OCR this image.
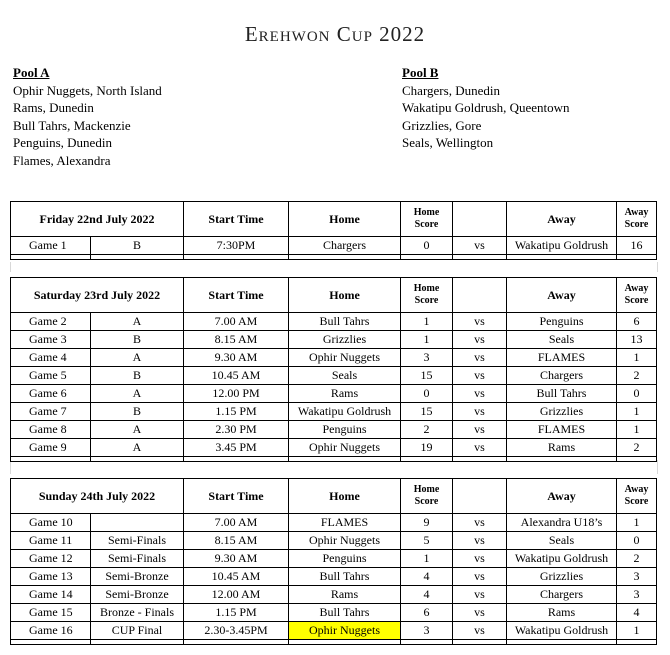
Erehwon Cup 2022
Pool A
Ophir Nuggets, North Island
Rams, Dunedin
Bull Tahrs, Mackenzie
Penguins, Dunedin
Flames, Alexandra
Pool B
Chargers, Dunedin
Wakatipu Goldrush, Queentown
Grizzlies, Gore
Seals, Wellington
Friday 22nd July 2022		Start Time	Home	Home Score		Away	Away Score
Game 1	B	7:30PM	Chargers	0	vs	Wakatipu Goldrush	16

Saturday 23rd July 2022		Start Time	Home	Home Score		Away	Away Score
Game 2	A	7.00 AM	Bull Tahrs	1	vs	Penguins	6
Game 3	B	8.15 AM	Grizzlies	1	vs	Seals	13
Game 4	A	9.30 AM	Ophir Nuggets	3	vs	FLAMES	1
Game 5	B	10.45 AM	Seals	15	vs	Chargers	2
Game 6	A	12.00 PM	Rams	0	vs	Bull Tahrs	0
Game 7	B	1.15 PM	Wakatipu Goldrush	15	vs	Grizzlies	1
Game 8	A	2.30 PM	Penguins	2	vs	FLAMES	1
Game 9	A	3.45 PM	Ophir Nuggets	19	vs	Rams	2

Sunday 24th July 2022		Start Time	Home	Home Score		Away	Away Score
Game 10		7.00 AM	FLAMES	9	vs	Alexandra U18’s	1
Game 11	Semi-Finals	8.15 AM	Ophir Nuggets	5	vs	Seals	0
Game 12	Semi-Finals	9.30 AM	Penguins	1	vs	Wakatipu Goldrush	2
Game 13	Semi-Bronze	10.45 AM	Bull Tahrs	4	vs	Grizzlies	3
Game 14	Semi-Bronze	12.00 AM	Rams	4	vs	Chargers	3
Game 15	Bronze - Finals	1.15 PM	Bull Tahrs	6	vs	Rams	4
Game 16	CUP Final	2.30-3.45PM	Ophir Nuggets	3	vs	Wakatipu Goldrush	1
